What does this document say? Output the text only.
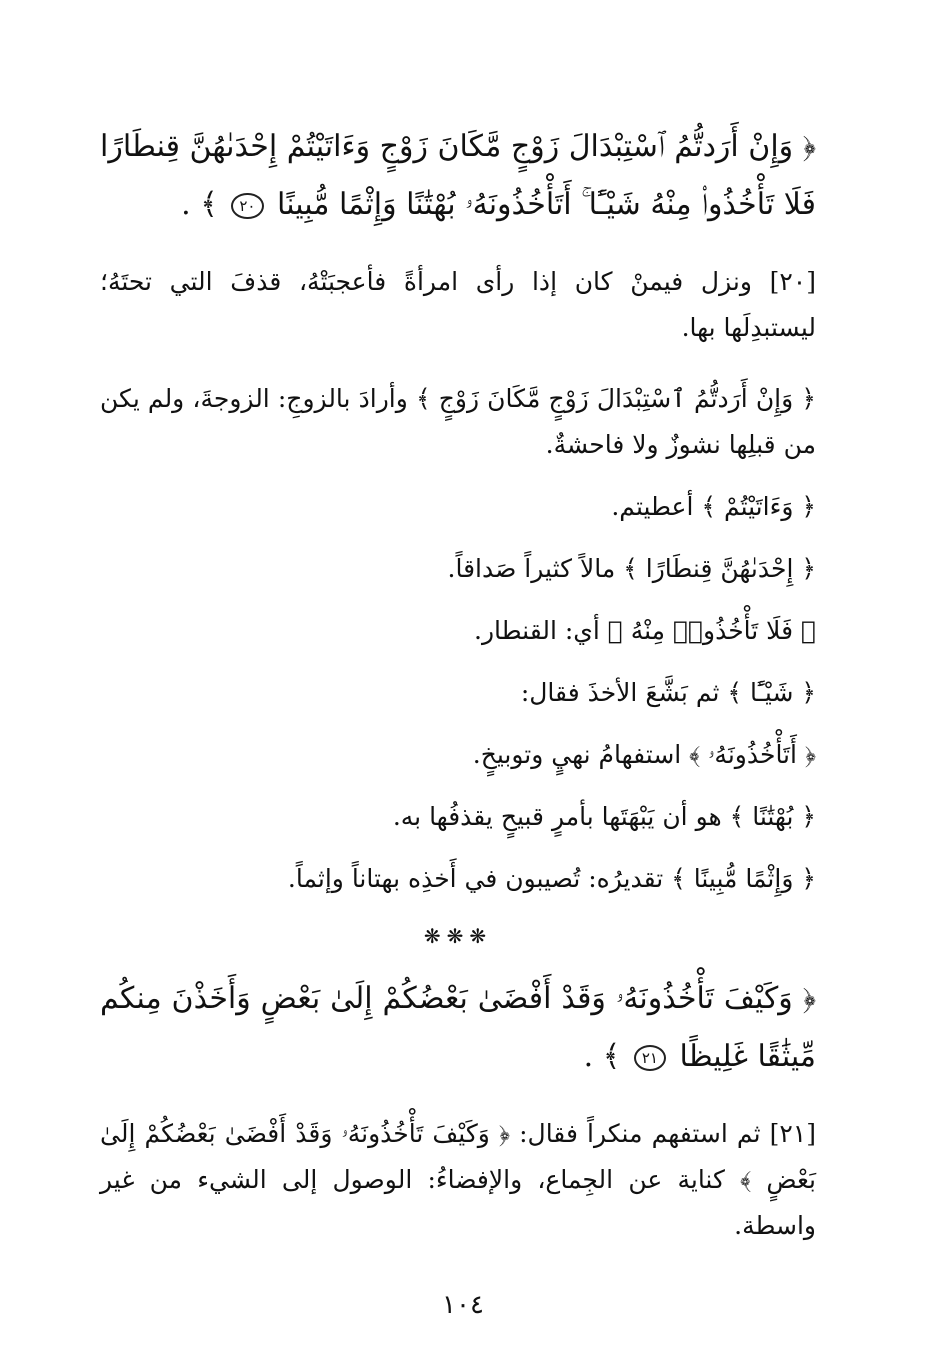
﴿ وَإِنْ أَرَدتُّمُ ٱسْتِبْدَالَ زَوْجٍ مَّكَانَ زَوْجٍ وَءَاتَيْتُمْ إِحْدَىٰهُنَّ قِنطَارًا فَلَا تَأْخُذُوا۟ مِنْهُ شَيْـًٔا ۚ أَتَأْخُذُونَهُۥ بُهْتَٰنًا وَإِثْمًا مُّبِينًا ٢٠ ﴾ .

[٢٠] ونزل فيمنْ كان إذا رأى امرأةً فأعجبَتْهُ، قذفَ التي تحتَهُ؛ ليستبدِلَها بها.

﴿ وَإِنْ أَرَدتُّمُ ٱسْتِبْدَالَ زَوْجٍ مَّكَانَ زَوْجٍ ﴾ وأرادَ بالزوجِ: الزوجةَ، ولم يكن من قبلِها نشوزٌ ولا فاحشةٌ.

﴿ وَءَاتَيْتُمْ ﴾ أعطيتم.

﴿ إِحْدَىٰهُنَّ قِنطَارًا ﴾ مالاً كثيراً صَداقاً.

﴿ فَلَا تَأْخُذُوا۟ مِنْهُ ﴾ أي: القنطار.

﴿ شَيْـًٔا ﴾ ثم بَشَّعَ الأخذَ فقال:

﴿ أَتَأْخُذُونَهُۥ ﴾ استفهامُ نهيٍ وتوبيخٍ.

﴿ بُهْتَٰنًا ﴾ هو أن يَبْهَتَها بأمرٍ قبيحٍ يقذفُها به.

﴿ وَإِثْمًا مُّبِينًا ﴾ تقديرُه: تُصيبون في أَخذِه بهتاناً وإثماً.

❋❋❋
﴿ وَكَيْفَ تَأْخُذُونَهُۥ وَقَدْ أَفْضَىٰ بَعْضُكُمْ إِلَىٰ بَعْضٍ وَأَخَذْنَ مِنكُم مِّيثَٰقًا غَلِيظًا ٢١ ﴾ .

[٢١] ثم استفهم منكراً فقال: ﴿ وَكَيْفَ تَأْخُذُونَهُۥ وَقَدْ أَفْضَىٰ بَعْضُكُمْ إِلَىٰ بَعْضٍ ﴾ كناية عن الجِماع، والإفضاءُ: الوصول إلى الشيء من غير واسطة.

١٠٤
